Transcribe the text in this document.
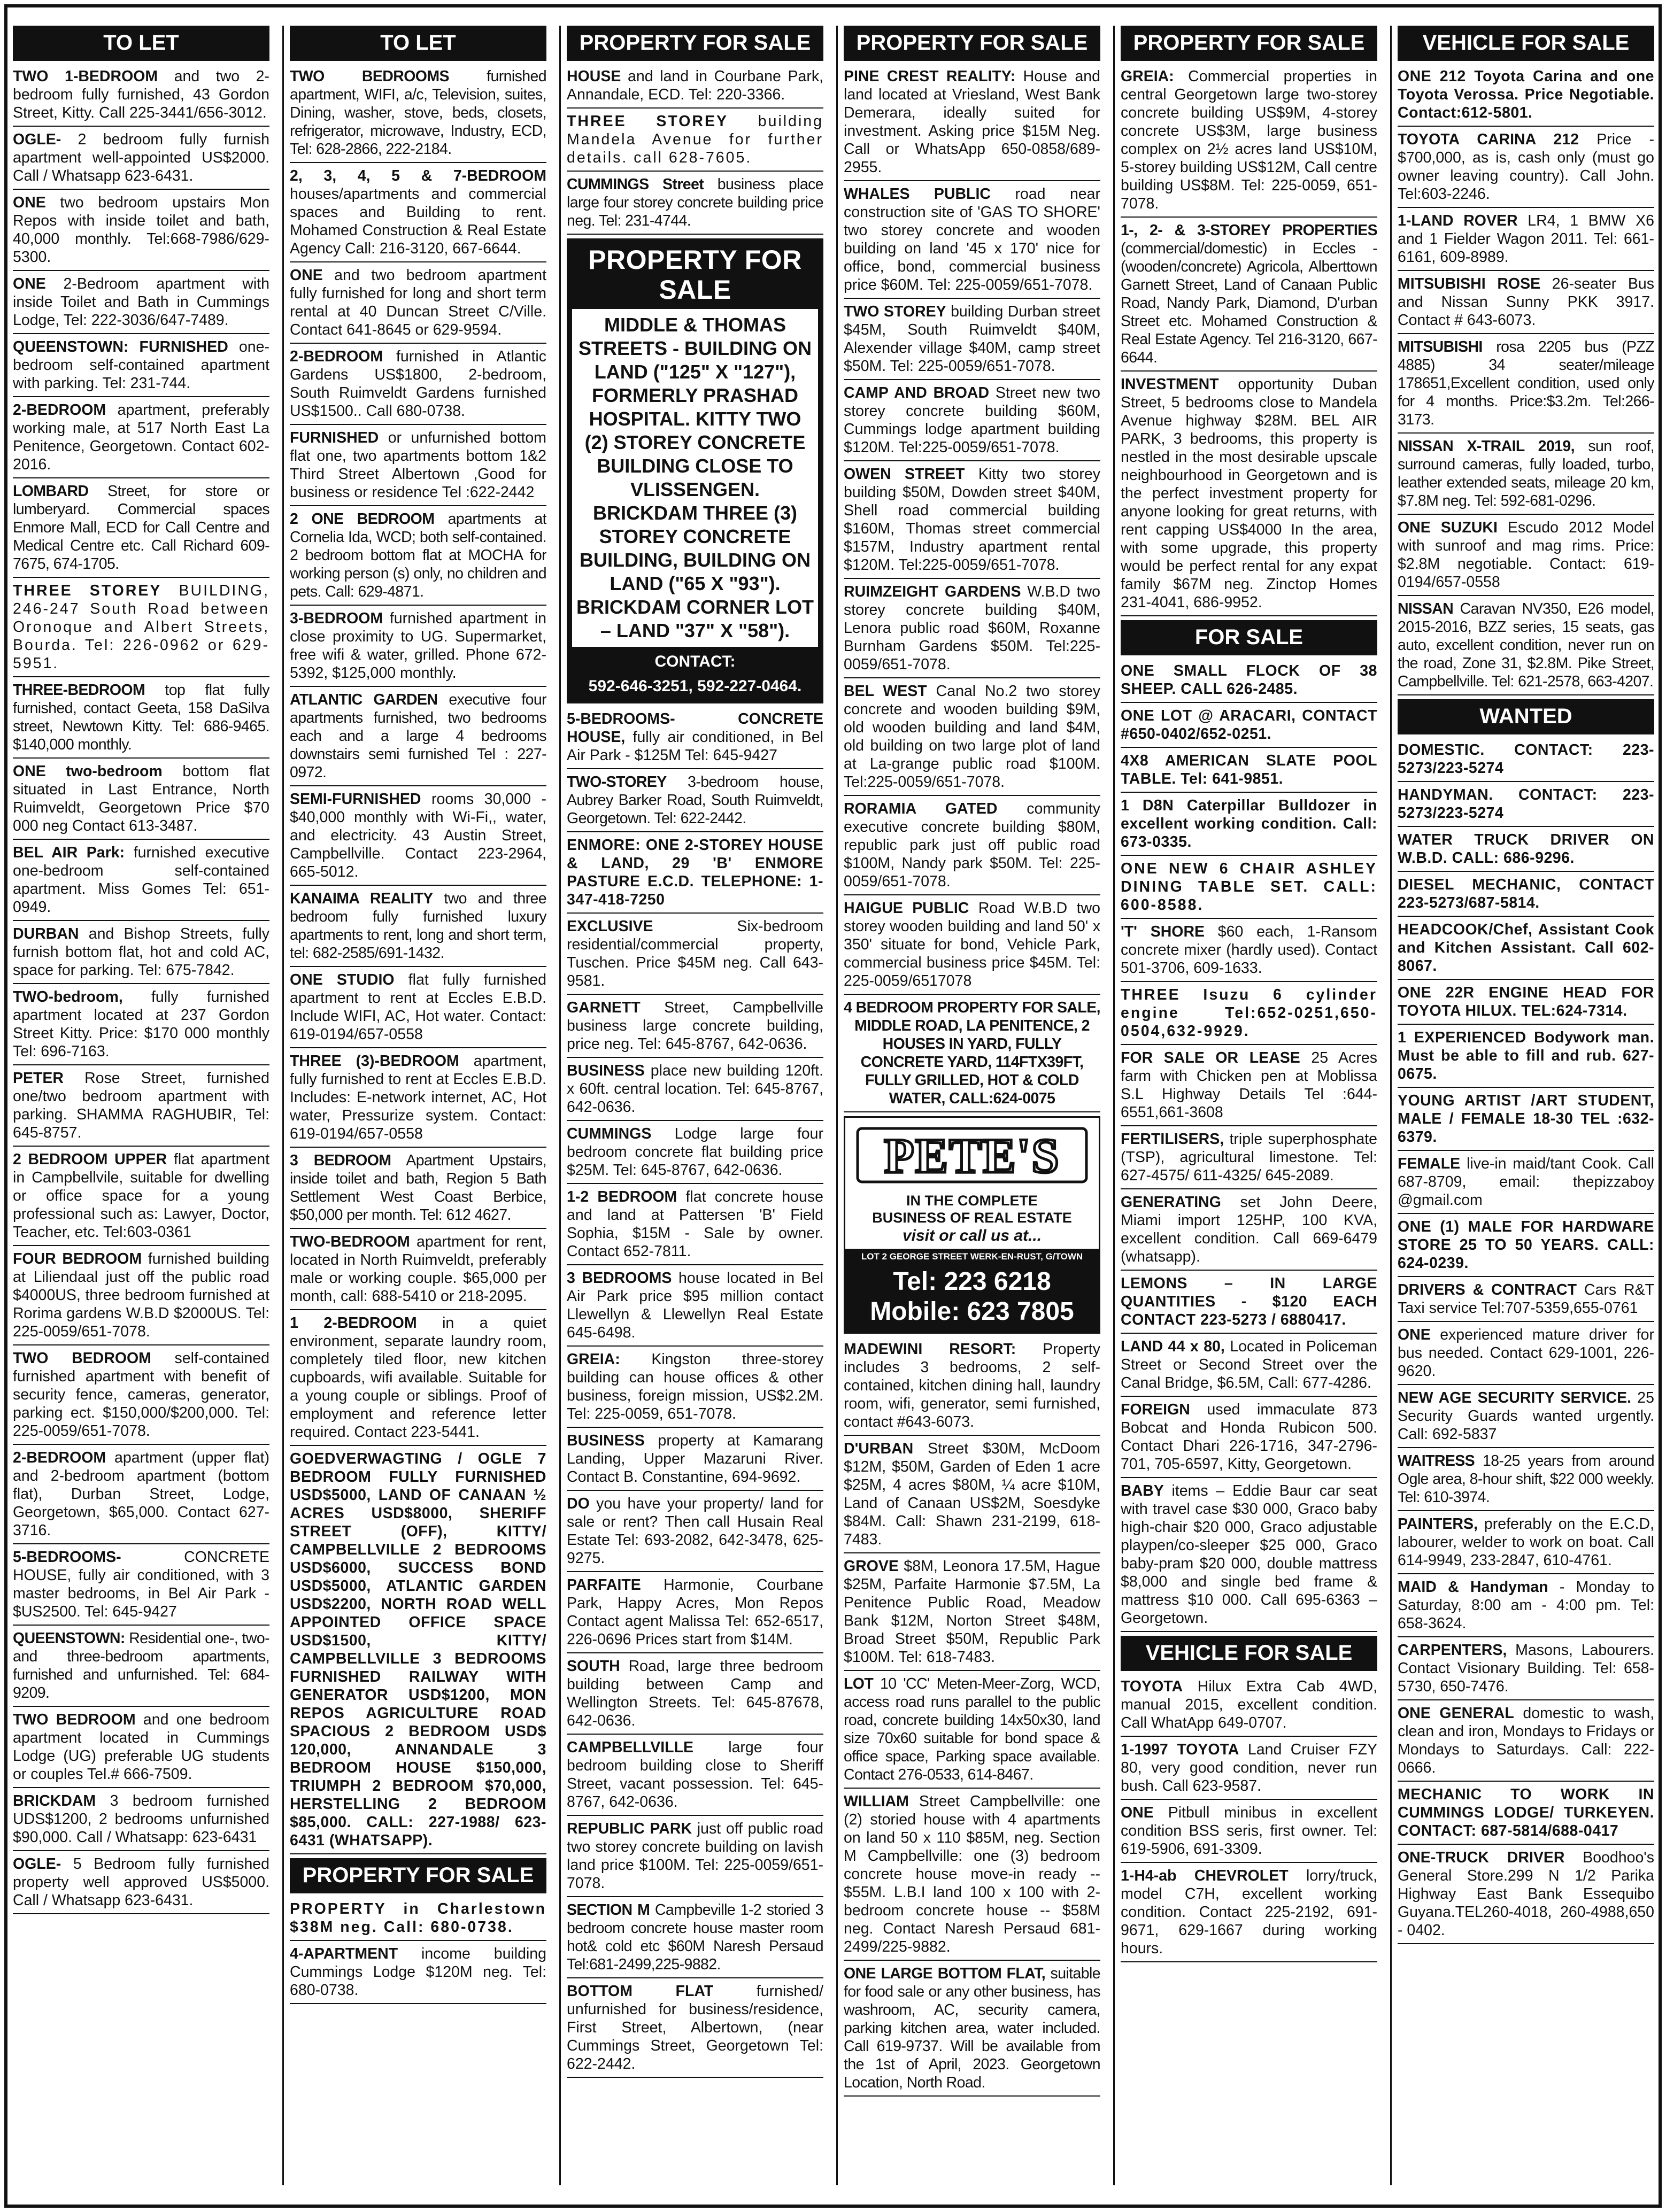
TO LET

TWO 1-BEDROOM and two 2-bedroom fully furnished, 43 Gordon Street, Kitty. Call 225-3441/656-3012.

OGLE- 2 bedroom fully furnish apartment well-appointed US$2000. Call / Whatsapp 623-6431.

ONE two bedroom upstairs Mon Repos with inside toilet and bath, 40,000 monthly. Tel:668-7986/629-5300.

ONE 2-Bedroom apartment with inside Toilet and Bath in Cummings Lodge, Tel: 222-3036/647-7489.

QUEENSTOWN: FURNISHED one-bedroom self-contained apartment with parking. Tel: 231-744.

2-BEDROOM apartment, preferably working male, at 517 North East La Penitence, Georgetown. Contact 602-2016.

LOMBARD Street, for store or lumberyard. Commercial spaces Enmore Mall, ECD for Call Centre and Medical Centre etc. Call Richard 609-7675, 674-1705.

THREE STOREY BUILDING, 246-247 South Road between Oronoque and Albert Streets, Bourda. Tel: 226-0962 or 629-5951.

THREE-BEDROOM top flat fully furnished, contact Geeta, 158 DaSilva street, Newtown Kitty. Tel: 686-9465. $140,000 monthly.

ONE two-bedroom bottom flat situated in Last Entrance, North Ruimveldt, Georgetown Price $70 000 neg Contact 613-3487.

BEL AIR Park: furnished executive one-bedroom self-contained apartment. Miss Gomes Tel: 651-0949.

DURBAN and Bishop Streets, fully furnish bottom flat, hot and cold AC, space for parking. Tel: 675-7842.

TWO-bedroom, fully furnished apartment located at 237 Gordon Street Kitty. Price: $170 000 monthly Tel: 696-7163.

PETER Rose Street, furnished one/two bedroom apartment with parking. SHAMMA RAGHUBIR, Tel: 645-8757.

2 BEDROOM UPPER flat apartment in Campbellvile, suitable for dwelling or office space for a young professional such as: Lawyer, Doctor, Teacher, etc. Tel:603-0361

FOUR BEDROOM furnished building at Liliendaal just off the public road $4000US, three bedroom furnished at Rorima gardens W.B.D $2000US. Tel: 225-0059/651-7078.

TWO BEDROOM self-contained furnished apartment with benefit of security fence, cameras, generator, parking ect. $150,000/$200,000. Tel: 225-0059/651-7078.

2-BEDROOM apartment (upper flat) and 2-bedroom apartment (bottom flat), Durban Street, Lodge, Georgetown, $65,000. Contact 627-3716.

5-BEDROOMS- CONCRETE HOUSE, fully air conditioned, with 3 master bedrooms, in Bel Air Park - $US2500. Tel: 645-9427

QUEENSTOWN: Residential one-, two- and three-bedroom apartments, furnished and unfurnished. Tel: 684-9209.

TWO BEDROOM and one bedroom apartment located in Cummings Lodge (UG) preferable UG students or couples Tel.# 666-7509.

BRICKDAM 3 bedroom furnished UDS$1200, 2 bedrooms unfurnished $90,000. Call / Whatsapp: 623-6431

OGLE- 5 Bedroom fully furnished property well approved US$5000. Call / Whatsapp 623-6431.

TO LET

TWO BEDROOMS furnished apartment, WIFI, a/c, Television, suites, Dining, washer, stove, beds, closets, refrigerator, microwave, Industry, ECD, Tel: 628-2866, 222-2184.

2, 3, 4, 5 & 7-BEDROOM houses/apartments and commercial spaces and Building to rent. Mohamed Construction & Real Estate Agency Call: 216-3120, 667-6644.

ONE and two bedroom apartment fully furnished for long and short term rental at 40 Duncan Street C/Ville. Contact 641-8645 or 629-9594.

2-BEDROOM furnished in Atlantic Gardens US$1800, 2-bedroom, South Ruimveldt Gardens furnished US$1500.. Call 680-0738.

FURNISHED or unfurnished bottom flat one, two apartments bottom 1&2 Third Street Albertown ,Good for business or residence Tel :622-2442

2 ONE BEDROOM apartments at Cornelia Ida, WCD; both self-contained. 2 bedroom bottom flat at MOCHA for working person (s) only, no children and pets. Call: 629-4871.

3-BEDROOM furnished apartment in close proximity to UG. Supermarket, free wifi & water, grilled. Phone 672-5392, $125,000 monthly.

ATLANTIC GARDEN executive four apartments furnished, two bedrooms each and a large 4 bedrooms downstairs semi furnished Tel : 227-0972.

SEMI-FURNISHED rooms 30,000 - $40,000 monthly with Wi-Fi,, water, and electricity. 43 Austin Street, Campbellville. Contact 223-2964, 665-5012.

KANAIMA REALITY two and three bedroom fully furnished luxury apartments to rent, long and short term, tel: 682-2585/691-1432.

ONE STUDIO flat fully furnished apartment to rent at Eccles E.B.D. Include WIFI, AC, Hot water. Contact: 619-0194/657-0558

THREE (3)-BEDROOM apartment, fully furnished to rent at Eccles E.B.D. Includes: E-network internet, AC, Hot water, Pressurize system. Contact: 619-0194/657-0558

3 BEDROOM Apartment Upstairs, inside toilet and bath, Region 5 Bath Settlement West Coast Berbice, $50,000 per month. Tel: 612 4627.

TWO-BEDROOM apartment for rent, located in North Ruimveldt, preferably male or working couple. $65,000 per month, call: 688-5410 or 218-2095.

1 2-BEDROOM in a quiet environment, separate laundry room, completely tiled floor, new kitchen cupboards, wifi available. Suitable for a young couple or siblings. Proof of employment and reference letter required. Contact 223-5441.

GOEDVERWAGTING / OGLE 7 BEDROOM FULLY FURNISHED USD$5000, LAND OF CANAAN ½ ACRES USD$8000, SHERIFF STREET (OFF), KITTY/ CAMPBELLVILLE 2 BEDROOMS USD$6000, SUCCESS BOND USD$5000, ATLANTIC GARDEN USD$2200, NORTH ROAD WELL APPOINTED OFFICE SPACE USD$1500, KITTY/ CAMPBELLVILLE 3 BEDROOMS FURNISHED RAILWAY WITH GENERATOR USD$1200, MON REPOS AGRICULTURE ROAD SPACIOUS 2 BEDROOM USD$ 120,000, ANNANDALE 3 BEDROOM HOUSE $150,000, TRIUMPH 2 BEDROOM $70,000, HERSTELLING 2 BEDROOM $85,000. CALL: 227-1988/ 623-6431 (WHATSAPP).

PROPERTY FOR SALE

PROPERTY in Charlestown $38M neg. Call: 680-0738.

4-APARTMENT income building Cummings Lodge $120M neg. Tel: 680-0738.

PROPERTY FOR SALE

HOUSE and land in Courbane Park, Annandale, ECD. Tel: 220-3366.

THREE STOREY building Mandela Avenue for further details. call 628-7605.

CUMMINGS Street business place large four storey concrete building price neg. Tel: 231-4744.

PROPERTY FOR SALE
MIDDLE & THOMAS STREETS - BUILDING ON LAND ("125" X "127"), FORMERLY PRASHAD HOSPITAL. KITTY TWO (2) STOREY CONCRETE BUILDING CLOSE TO VLISSENGEN. BRICKDAM THREE (3) STOREY CONCRETE BUILDING, BUILDING ON LAND ("65 X "93"). BRICKDAM CORNER LOT – LAND "37" X "58").
CONTACT:
592-646-3251, 592-227-0464.

5-BEDROOMS- CONCRETE HOUSE, fully air conditioned, in Bel Air Park - $125M Tel: 645-9427

TWO-STOREY 3-bedroom house, Aubrey Barker Road, South Ruimveldt, Georgetown. Tel: 622-2442.

ENMORE: ONE 2-STOREY HOUSE & LAND, 29 'B' ENMORE PASTURE E.C.D. TELEPHONE: 1-347-418-7250

EXCLUSIVE Six-bedroom residential/commercial property, Tuschen. Price $45M neg. Call 643-9581.

GARNETT Street, Campbellville business large concrete building, price neg. Tel: 645-8767, 642-0636.

BUSINESS place new building 120ft. x 60ft. central location. Tel: 645-8767, 642-0636.

CUMMINGS Lodge large four bedroom concrete flat building price $25M. Tel: 645-8767, 642-0636.

1-2 BEDROOM flat concrete house and land at Pattersen 'B' Field Sophia, $15M - Sale by owner. Contact 652-7811.

3 BEDROOMS house located in Bel Air Park price $95 million contact Llewellyn & Llewellyn Real Estate 645-6498.

GREIA: Kingston three-storey building can house offices & other business, foreign mission, US$2.2M. Tel: 225-0059, 651-7078.

BUSINESS property at Kamarang Landing, Upper Mazaruni River. Contact B. Constantine, 694-9692.

DO you have your property/ land for sale or rent? Then call Husain Real Estate Tel: 693-2082, 642-3478, 625-9275.

PARFAITE Harmonie, Courbane Park, Happy Acres, Mon Repos Contact agent Malissa Tel: 652-6517, 226-0696 Prices start from $14M.

SOUTH Road, large three bedroom building between Camp and Wellington Streets. Tel: 645-87678, 642-0636.

CAMPBELLVILLE large four bedroom building close to Sheriff Street, vacant possession. Tel: 645-8767, 642-0636.

REPUBLIC PARK just off public road two storey concrete building on lavish land price $100M. Tel: 225-0059/651-7078.

SECTION M Campbeville 1-2 storied 3 bedroom concrete house master room hot& cold etc $60M Naresh Persaud Tel:681-2499,225-9882.

BOTTOM FLAT furnished/ unfurnished for business/residence, First Street, Albertown, (near Cummings Street, Georgetown Tel: 622-2442.

PROPERTY FOR SALE

PINE CREST REALITY: House and land located at Vriesland, West Bank Demerara, ideally suited for investment. Asking price $15M Neg. Call or WhatsApp 650-0858/689-2955.

WHALES PUBLIC road near construction site of 'GAS TO SHORE' two storey concrete and wooden building on land '45 x 170' nice for office, bond, commercial business price $60M. Tel: 225-0059/651-7078.

TWO STOREY building Durban street $45M, South Ruimveldt $40M, Alexender village $40M, camp street $50M. Tel: 225-0059/651-7078.

CAMP AND BROAD Street new two storey concrete building $60M, Cummings lodge apartment building $120M. Tel:225-0059/651-7078.

OWEN STREET Kitty two storey building $50M, Dowden street $40M, Shell road commercial building $160M, Thomas street commercial $157M, Industry apartment rental $120M. Tel:225-0059/651-7078.

RUIMZEIGHT GARDENS W.B.D two storey concrete building $40M, Lenora public road $60M, Roxanne Burnham Gardens $50M. Tel:225-0059/651-7078.

BEL WEST Canal No.2 two storey concrete and wooden building $9M, old wooden building and land $4M, old building on two large plot of land at La-grange public road $100M. Tel:225-0059/651-7078.

RORAMIA GATED community executive concrete building $80M, republic park just off public road $100M, Nandy park $50M. Tel: 225-0059/651-7078.

HAIGUE PUBLIC Road W.B.D two storey wooden building and land 50' x 350' situate for bond, Vehicle Park, commercial business price $45M. Tel: 225-0059/6517078

4 BEDROOM PROPERTY FOR SALE, MIDDLE ROAD, LA PENITENCE, 2 HOUSES IN YARD, FULLY CONCRETE YARD, 114FTX39FT, FULLY GRILLED, HOT & COLD WATER, CALL:624-0075

PETE'S
IN THE COMPLETE
BUSINESS OF REAL ESTATE
visit or call us at...
LOT 2 GEORGE STREET WERK-EN-RUST, G/TOWN
Tel: 223 6218
Mobile: 623 7805

MADEWINI RESORT: Property includes 3 bedrooms, 2 self-contained, kitchen dining hall, laundry room, wifi, generator, semi furnished, contact #643-6073.

D'URBAN Street $30M, McDoom $12M, $50M, Garden of Eden 1 acre $25M, 4 acres $80M, ¼ acre $10M, Land of Canaan US$2M, Soesdyke $84M. Call: Shawn 231-2199, 618-7483.

GROVE $8M, Leonora 17.5M, Hague $25M, Parfaite Harmonie $7.5M, La Penitence Public Road, Meadow Bank $12M, Norton Street $48M, Broad Street $50M, Republic Park $100M. Tel: 618-7483.

LOT 10 'CC' Meten-Meer-Zorg, WCD, access road runs parallel to the public road, concrete building 14x50x30, land size 70x60 suitable for bond space & office space, Parking space available. Contact 276-0533, 614-8467.

WILLIAM Street Campbellville: one (2) storied house with 4 apartments on land 50 x 110 $85M, neg. Section M Campbellville: one (3) bedroom concrete house move-in ready -- $55M. L.B.I land 100 x 100 with 2- bedroom concrete house -- $58M neg. Contact Naresh Persaud 681-2499/225-9882.

ONE LARGE BOTTOM FLAT, suitable for food sale or any other business, has washroom, AC, security camera, parking kitchen area, water included. Call 619-9737. Will be available from the 1st of April, 2023. Georgetown Location, North Road.

PROPERTY FOR SALE

GREIA: Commercial properties in central Georgetown large two-storey concrete building US$9M, 4-storey concrete US$3M, large business complex on 2½ acres land US$10M, 5-storey building US$12M, Call centre building US$8M. Tel: 225-0059, 651-7078.

1-, 2- & 3-STOREY PROPERTIES (commercial/domestic) in Eccles - (wooden/concrete) Agricola, Alberttown Garnett Street, Land of Canaan Public Road, Nandy Park, Diamond, D'urban Street etc. Mohamed Construction & Real Estate Agency. Tel 216-3120, 667-6644.

INVESTMENT opportunity Duban Street, 5 bedrooms close to Mandela Avenue highway $28M. BEL AIR PARK, 3 bedrooms, this property is nestled in the most desirable upscale neighbourhood in Georgetown and is the perfect investment property for anyone looking for great returns, with rent capping US$4000 In the area, with some upgrade, this property would be perfect rental for any expat family $67M neg. Zinctop Homes 231-4041, 686-9952.

FOR SALE

ONE SMALL FLOCK OF 38 SHEEP. CALL 626-2485.

ONE LOT @ ARACARI, CONTACT #650-0402/652-0251.

4X8 AMERICAN SLATE POOL TABLE. Tel: 641-9851.

1 D8N Caterpillar Bulldozer in excellent working condition. Call: 673-0335.

ONE NEW 6 CHAIR ASHLEY DINING TABLE SET. CALL: 600-8588.

'T' SHORE $60 each, 1-Ransom concrete mixer (hardly used). Contact 501-3706, 609-1633.

THREE Isuzu 6 cylinder engine Tel:652-0251,650-0504,632-9929.

FOR SALE OR LEASE 25 Acres farm with Chicken pen at Moblissa S.L Highway Details Tel :644-6551,661-3608

FERTILISERS, triple superphosphate (TSP), agricultural limestone. Tel: 627-4575/ 611-4325/ 645-2089.

GENERATING set John Deere, Miami import 125HP, 100 KVA, excellent condition. Call 669-6479 (whatsapp).

LEMONS – IN LARGE QUANTITIES - $120 EACH CONTACT 223-5273 / 6880417.

LAND 44 x 80, Located in Policeman Street or Second Street over the Canal Bridge, $6.5M, Call: 677-4286.

FOREIGN used immaculate 873 Bobcat and Honda Rubicon 500. Contact Dhari 226-1716, 347-2796-701, 705-6597, Kitty, Georgetown.

BABY items – Eddie Baur car seat with travel case $30 000, Graco baby high-chair $20 000, Graco adjustable playpen/co-sleeper $25 000, Graco baby-pram $20 000, double mattress $8,000 and single bed frame & mattress $10 000. Call 695-6363 – Georgetown.

VEHICLE FOR SALE

TOYOTA Hilux Extra Cab 4WD, manual 2015, excellent condition. Call WhatApp 649-0707.

1-1997 TOYOTA Land Cruiser FZY 80, very good condition, never run bush. Call 623-9587.

ONE Pitbull minibus in excellent condition BSS seris, first owner. Tel: 619-5906, 691-3309.

1-H4-ab CHEVROLET lorry/truck, model C7H, excellent working condition. Contact 225-2192, 691-9671, 629-1667 during working hours.

VEHICLE FOR SALE

ONE 212 Toyota Carina and one Toyota Verossa. Price Negotiable. Contact:612-5801.

TOYOTA CARINA 212 Price - $700,000, as is, cash only (must go owner leaving country). Call John. Tel:603-2246.

1-LAND ROVER LR4, 1 BMW X6 and 1 Fielder Wagon 2011. Tel: 661-6161, 609-8989.

MITSUBISHI ROSE 26-seater Bus and Nissan Sunny PKK 3917. Contact # 643-6073.

MITSUBISHI rosa 2205 bus (PZZ 4885) 34 seater/mileage 178651,Excellent condition, used only for 4 months. Price:$3.2m. Tel:266-3173.

NISSAN X-TRAIL 2019, sun roof, surround cameras, fully loaded, turbo, leather extended seats, mileage 20 km, $7.8M neg. Tel: 592-681-0296.

ONE SUZUKI Escudo 2012 Model with sunroof and mag rims. Price: $2.8M negotiable. Contact: 619-0194/657-0558

NISSAN Caravan NV350, E26 model, 2015-2016, BZZ series, 15 seats, gas auto, excellent condition, never run on the road, Zone 31, $2.8M. Pike Street, Campbellville. Tel: 621-2578, 663-4207.

WANTED

DOMESTIC. CONTACT: 223-5273/223-5274

HANDYMAN. CONTACT: 223-5273/223-5274

WATER TRUCK DRIVER ON W.B.D. CALL: 686-9296.

DIESEL MECHANIC, CONTACT 223-5273/687-5814.

HEADCOOK/Chef, Assistant Cook and Kitchen Assistant. Call 602-8067.

ONE 22R ENGINE HEAD FOR TOYOTA HILUX. TEL:624-7314.

1 EXPERIENCED Bodywork man. Must be able to fill and rub. 627-0675.

YOUNG ARTIST /ART STUDENT, MALE / FEMALE 18-30 TEL :632-6379.

FEMALE live-in maid/tant Cook. Call 687-8709, email: thepizzaboy @gmail.com

ONE (1) MALE FOR HARDWARE STORE 25 TO 50 YEARS. CALL: 624-0239.

DRIVERS & CONTRACT Cars R&T Taxi service Tel:707-5359,655-0761

ONE experienced mature driver for bus needed. Contact 629-1001, 226-9620.

NEW AGE SECURITY SERVICE. 25 Security Guards wanted urgently. Call: 692-5837

WAITRESS 18-25 years from around Ogle area, 8-hour shift, $22 000 weekly. Tel: 610-3974.

PAINTERS, preferably on the E.C.D, labourer, welder to work on boat. Call 614-9949, 233-2847, 610-4761.

MAID & Handyman - Monday to Saturday, 8:00 am - 4:00 pm. Tel: 658-3624.

CARPENTERS, Masons, Labourers. Contact Visionary Building. Tel: 658-5730, 650-7476.

ONE GENERAL domestic to wash, clean and iron, Mondays to Fridays or Mondays to Saturdays. Call: 222-0666.

MECHANIC TO WORK IN CUMMINGS LODGE/ TURKEYEN. CONTACT: 687-5814/688-0417

ONE-TRUCK DRIVER Boodhoo's General Store.299 N 1/2 Parika Highway East Bank Essequibo Guyana.TEL260-4018, 260-4988,650 - 0402.
